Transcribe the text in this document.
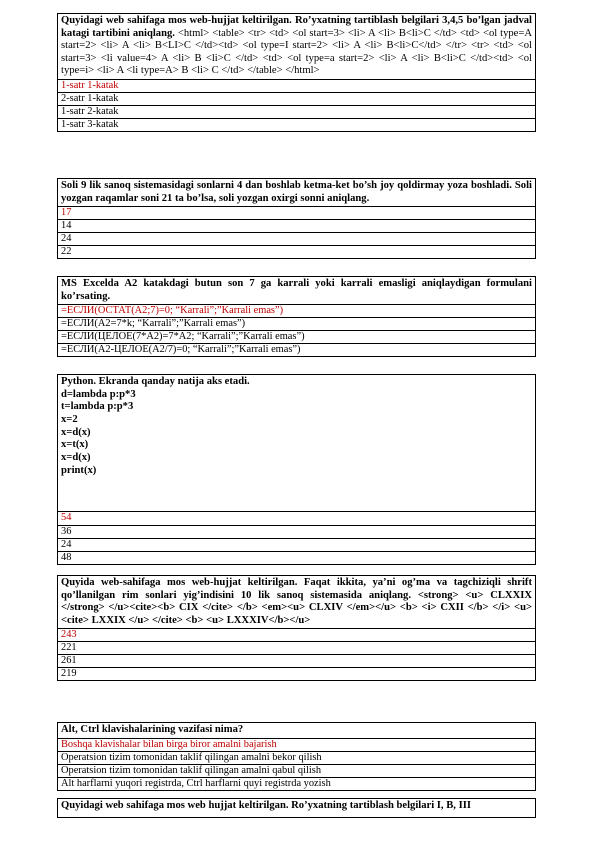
Quyidagi web sahifaga mos web-hujjat keltirilgan. Ro’yxatning tartiblash belgilari 3,4,5 bo’lgan jadval katagi tartibini aniqlang. <html> <table> <tr> <td> <ol start=3> <li> A <li> B<li>C </td> <td> <ol type=A start=2> <li> A <li> B<LI>C </td><td> <ol type=I start=2> <li> A <li> B<li>C</td> </tr> <tr> <td> <ol start=3> <li value=4> A <li> B <li>C </td> <td> <ol type=a start=2> <li> A <li> B<li>C </td><td> <ol type=i> <li> A <li type=A> B <li> C </td> </table> </html>
1-satr 1-katak
2-satr 1-katak
1-satr 2-katak
1-satr 3-katak
Soli 9 lik sanoq sistemasidagi sonlarni 4 dan boshlab ketma-ket bo’sh joy qoldirmay yoza boshladi. Soli yozgan raqamlar soni 21 ta bo’lsa, soli yozgan oxirgi sonni aniqlang.
17
14
24
22
MS Excelda A2 katakdagi butun son 7 ga karrali yoki karrali emasligi aniqlaydigan formulani ko’rsating.
=ЕСЛИ(ОСТАТ(A2;7)=0; “Karrali”;”Karrali emas”)
=ЕСЛИ(A2=7*k; “Karrali”;”Karrali emas”)
=ЕСЛИ(ЦЕЛОЕ(7*A2)=7*A2; “Karrali”;”Karrali emas”)
=ЕСЛИ(A2-ЦЕЛОЕ(A2/7)=0; “Karrali”;”Karrali emas”)
Python. Ekranda qanday natija aks etadi.
d=lambda p:p*3
t=lambda p:p*3
x=2
x=d(x)
x=t(x)
x=d(x)
print(x)
54
36
24
48
Quyida web-sahifaga mos web-hujjat keltirilgan. Faqat ikkita, ya’ni og’ma va tagchiziqli shrift qo’llanilgan rim sonlari yig’indisini 10 lik sanoq sistemasida aniqlang. <strong> <u> CLXXIX </strong> </u><cite><b> CIX </cite> </b> <em><u> CLXIV </em></u> <b> <i> CXII </b> </i> <u> <cite> LXXIX </u> </cite> <b> <u> LXXXIV</b></u>
243
221
261
219
Alt, Ctrl klavishalarining vazifasi nima?
Boshqa klavishalar bilan birga biror amalni bajarish
Operatsion tizim tomonidan taklif qilingan amalni bekor qilish
Operatsion tizim tomonidan taklif qilingan amalni qabul qilish
Alt harflarni yuqori registrda, Ctrl harflarni quyi registrda yozish
Quyidagi web sahifaga mos web hujjat keltirilgan. Ro’yxatning tartiblash belgilari I, B, III
